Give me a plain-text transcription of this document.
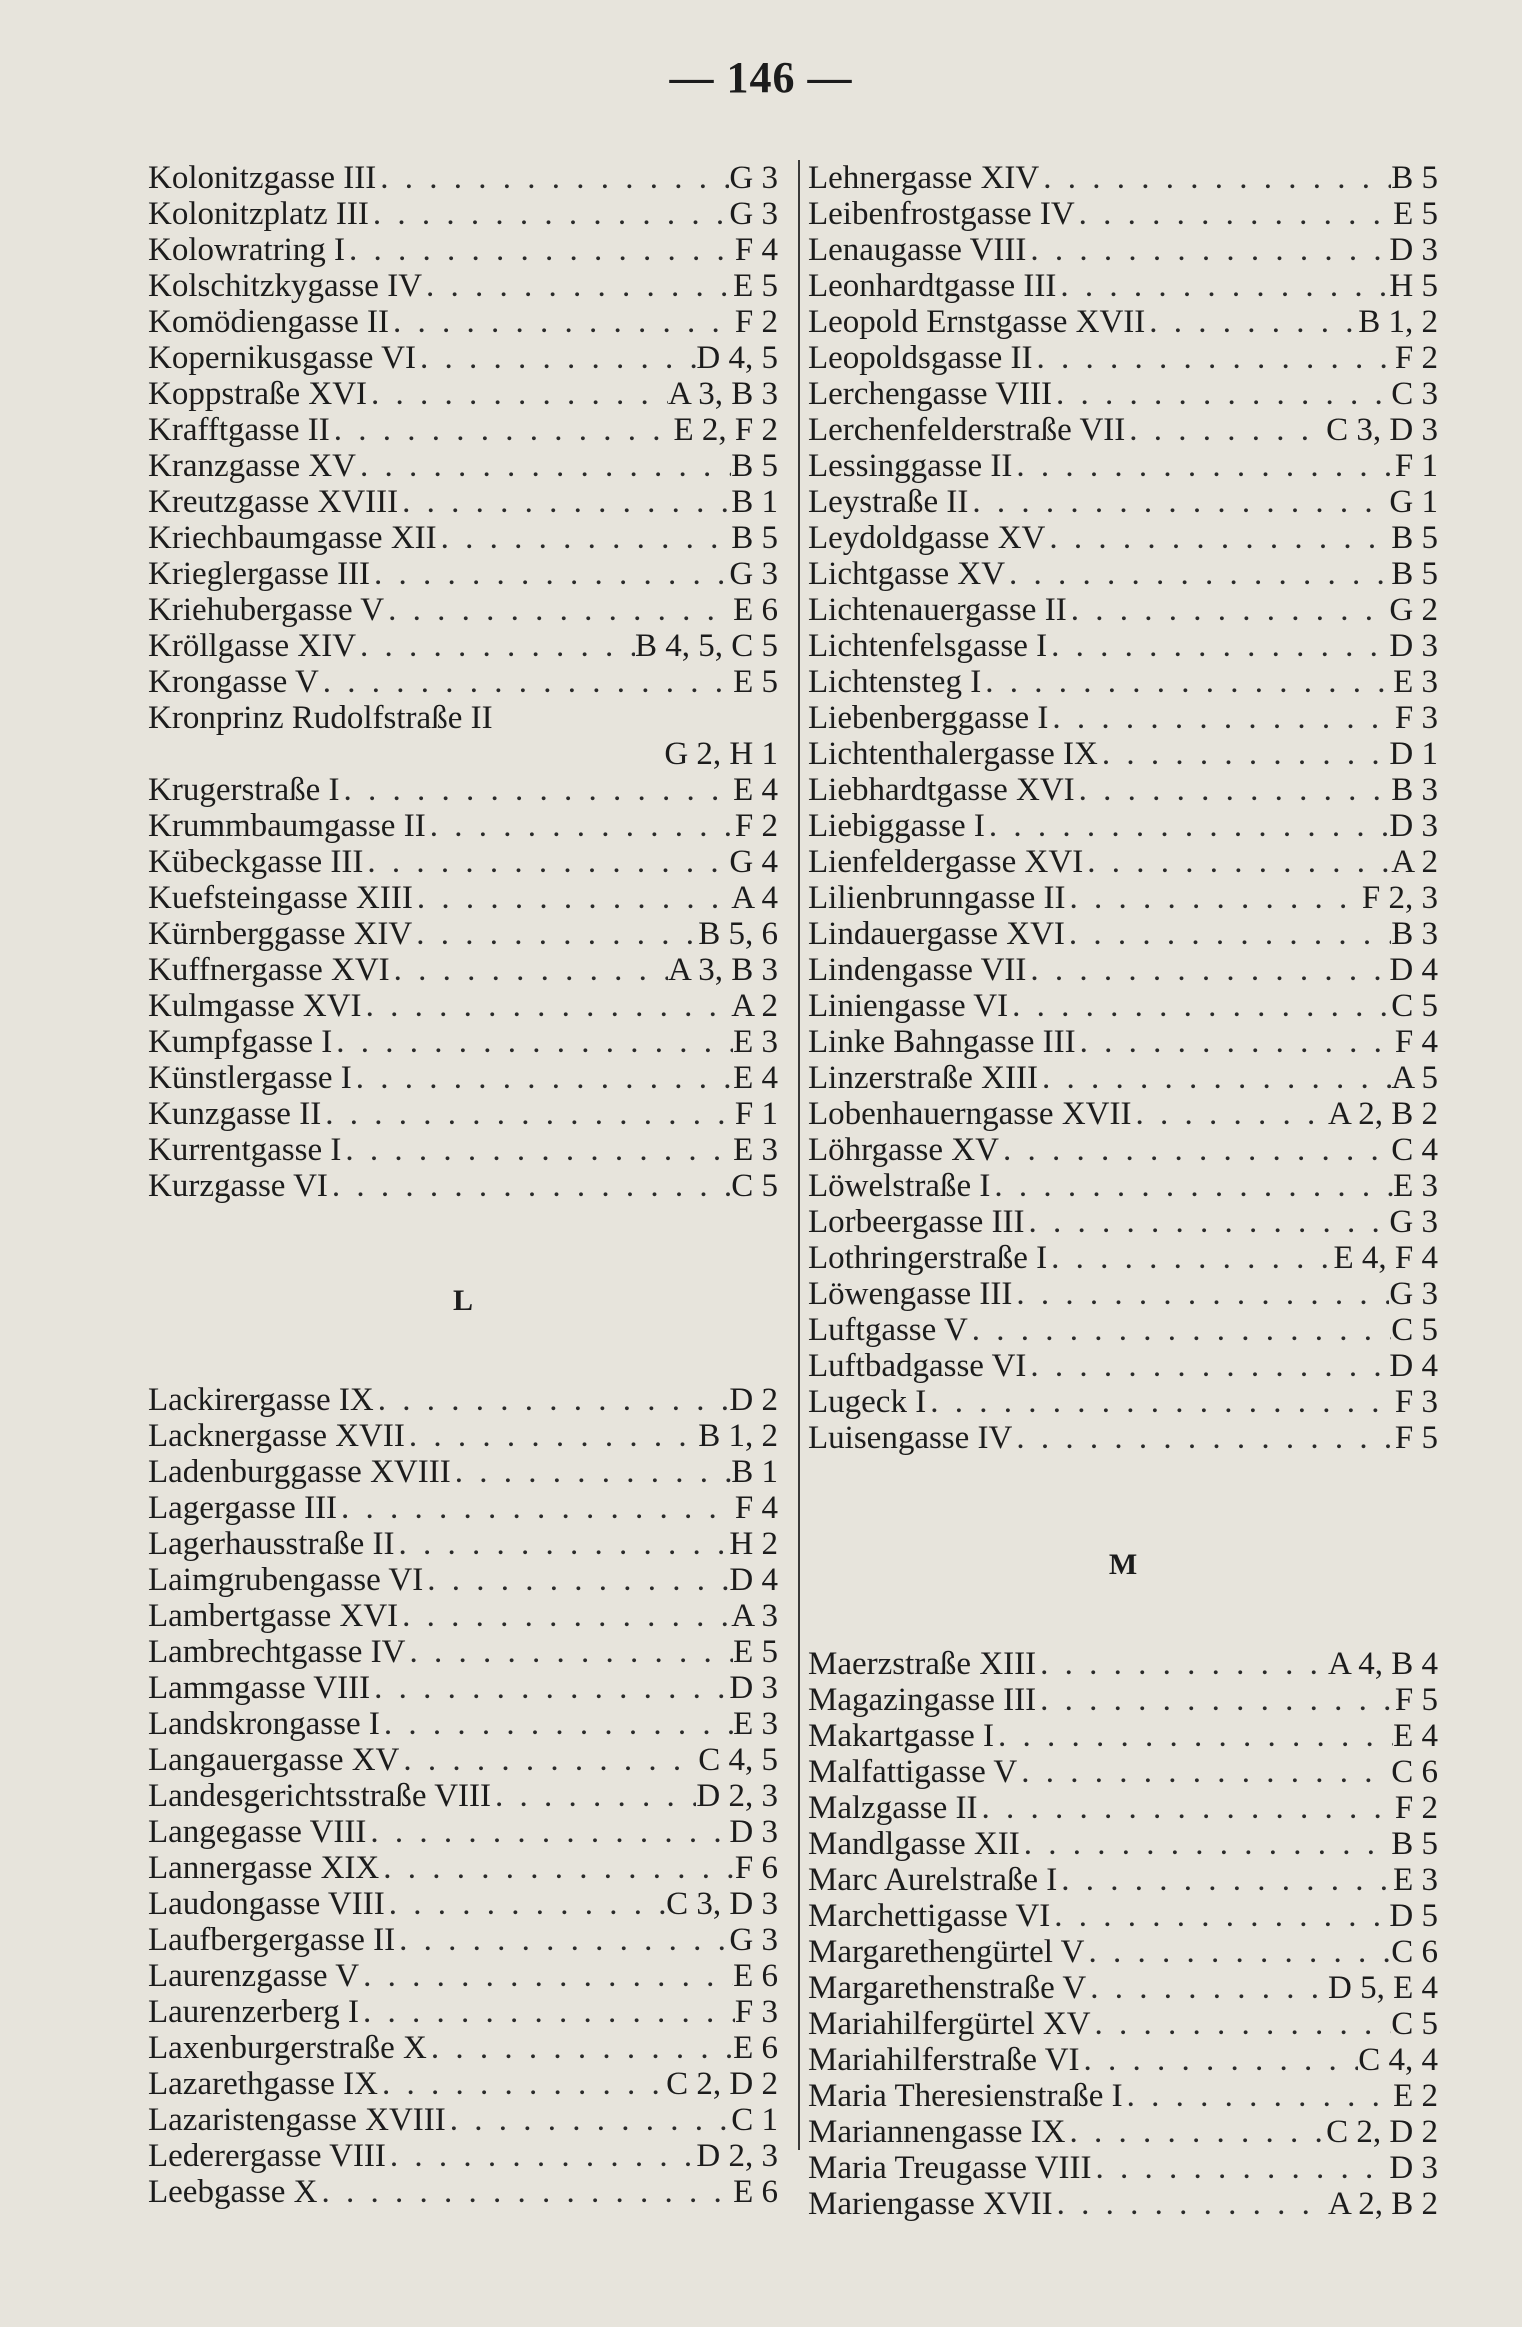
— 146 —
Kolonitzgasse III . . .	G 3
Kolonitzplatz III . . .	G 3
Kolowratring I . . .	F 4
Kolschitzkygasse IV . . .	E 5
Komödiengasse II . . .	F 2
Kopernikusgasse VI . . .	D 4, 5
Koppstraße XVI . . .	A 3, B 3
Krafftgasse II . . .	E 2, F 2
Kranzgasse XV . . .	B 5
Kreutzgasse XVIII . . .	B 1
Kriechbaumgasse XII . . .	B 5
Krieglergasse III . . .	G 3
Kriehubergasse V . . .	E 6
Kröllgasse XIV . . .	B 4, 5, C 5
Krongasse V . . .	E 5
Kronprinz Rudolfstraße II
G 2, H 1
Krugerstraße I . . .	E 4
Krummbaumgasse II . . .	F 2
Kübeckgasse III . . .	G 4
Kuefsteingasse XIII . . .	A 4
Kürnberggasse XIV . . .	B 5, 6
Kuffnergasse XVI . . .	A 3, B 3
Kulmgasse XVI . . .	A 2
Kumpfgasse I . . .	E 3
Künstlergasse I . . .	E 4
Kunzgasse II . . .	F 1
Kurrentgasse I . . .	E 3
Kurzgasse VI . . .	C 5
L
Lackirergasse IX . . .	D 2
Lacknergasse XVII . . .	B 1, 2
Ladenburggasse XVIII . . .	B 1
Lagergasse III . . .	F 4
Lagerhausstraße II . . .	H 2
Laimgrubengasse VI . . .	D 4
Lambertgasse XVI . . .	A 3
Lambrechtgasse IV . . .	E 5
Lammgasse VIII . . .	D 3
Landskrongasse I . . .	E 3
Langauergasse XV . . .	C 4, 5
Landesgerichtsstraße VIII . . .	D 2, 3
Langegasse VIII . . .	D 3
Lannergasse XIX . . .	F 6
Laudongasse VIII . . .	C 3, D 3
Laufbergergasse II . . .	G 3
Laurenzgasse V . . .	E 6
Laurenzerberg I . . .	F 3
Laxenburgerstraße X . . .	E 6
Lazarethgasse IX . . .	C 2, D 2
Lazaristengasse XVIII . . .	C 1
Lederergasse VIII . . .	D 2, 3
Leebgasse X . . .	E 6
Lehnergasse XIV . . .	B 5
Leibenfrostgasse IV . . .	E 5
Lenaugasse VIII . . .	D 3
Leonhardtgasse III . . .	H 5
Leopold Ernstgasse XVII . . .	B 1, 2
Leopoldsgasse II . . .	F 2
Lerchengasse VIII . . .	C 3
Lerchenfelderstraße VII . . .	C 3, D 3
Lessinggasse II . . .	F 1
Leystraße II . . .	G 1
Leydoldgasse XV . . .	B 5
Lichtgasse XV . . .	B 5
Lichtenauergasse II . . .	G 2
Lichtenfelsgasse I . . .	D 3
Lichtensteg I . . .	E 3
Liebenberggasse I . . .	F 3
Lichtenthalergasse IX . . .	D 1
Liebhardtgasse XVI . . .	B 3
Liebiggasse I . . .	D 3
Lienfeldergasse XVI . . .	A 2
Lilienbrunngasse II . . .	F 2, 3
Lindauergasse XVI . . .	B 3
Lindengasse VII . . .	D 4
Liniengasse VI . . .	C 5
Linke Bahngasse III . . .	F 4
Linzerstraße XIII . . .	A 5
Lobenhauerngasse XVII . . .	A 2, B 2
Löhrgasse XV . . .	C 4
Löwelstraße I . . .	E 3
Lorbeergasse III . . .	G 3
Lothringerstraße I . . .	E 4, F 4
Löwengasse III . . .	G 3
Luftgasse V . . .	C 5
Luftbadgasse VI . . .	D 4
Lugeck I . . .	F 3
Luisengasse IV . . .	F 5
M
Maerzstraße XIII . . .	A 4, B 4
Magazingasse III . . .	F 5
Makartgasse I . . .	E 4
Malfattigasse V . . .	C 6
Malzgasse II . . .	F 2
Mandlgasse XII . . .	B 5
Marc Aurelstraße I . . .	E 3
Marchettigasse VI . . .	D 5
Margarethengürtel V . . .	C 6
Margarethenstraße V . . .	D 5, E 4
Mariahilfergürtel XV . . .	C 5
Mariahilferstraße VI . . .	C 4, 4
Maria Theresienstraße I . . .	E 2
Mariannengasse IX . . .	C 2, D 2
Maria Treugasse VIII . . .	D 3
Mariengasse XVII . . .	A 2, B 2
